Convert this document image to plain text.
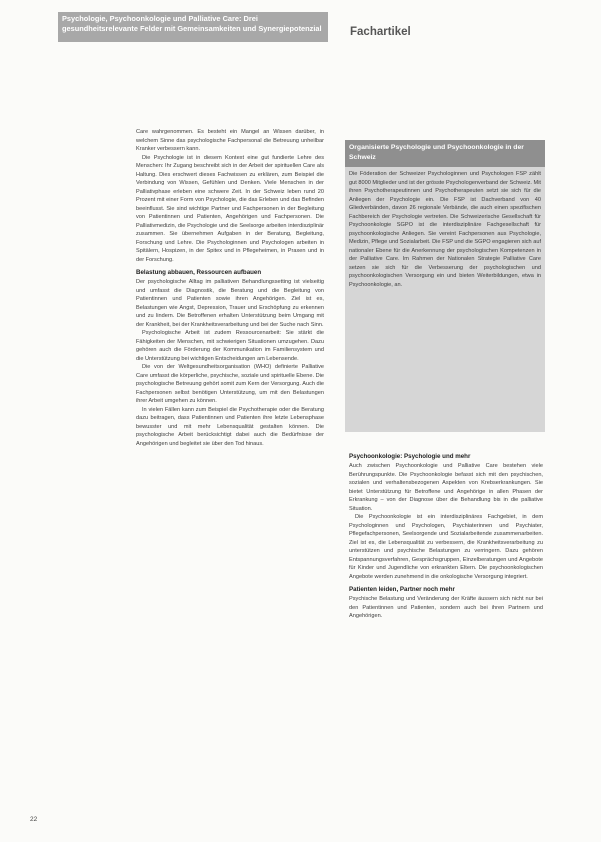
Psychologie, Psychoonkologie und Palliative Care: Drei gesundheitsrelevante Felder mit Gemeinsamkeiten und Synergiepotenzial Fachartikel

Care wahrgenommen. Es besteht ein Mangel an Wissen darüber, in welchem Sinne das psychologische Fachpersonal die Betreuung unheilbar Kranker verbessern kann.

Die Psychologie ist in diesem Kontext eine gut fundierte Lehre des Menschen: Ihr Zugang beschreibt sich in der Arbeit der spirituellen Care als Haltung. Dies erschwert dieses Fachwissen zu erklären, zum Beispiel die Verbindung von Wissen, Gefühlen und Denken. Viele Menschen in der Palliativphase erleben eine schwere Zeit. In der Schweiz leben rund 20 Prozent mit einer Form von Psychologie, die das Erleben und das Befinden beeinflusst. Sie sind wichtige Partner und Fachpersonen in der Begleitung von Patientinnen und Patienten, Angehörigen und Fachpersonen. Die Palliativmedizin, die Psychologie und die Seelsorge arbeiten interdisziplinär zusammen. Sie übernehmen Aufgaben in der Beratung, Begleitung, Forschung und Lehre. Die Psychologinnen und Psychologen arbeiten in Spitälern, Hospizen, in der Spitex und in Pflegeheimen, in Praxen und in der Forschung.

Belastung abbauen, Ressourcen aufbauen

Der psychologische Alltag im palliativen Behandlungssetting ist vielseitig und umfasst die Diagnostik, die Beratung und die Begleitung von Patientinnen und Patienten sowie ihren Angehörigen. Ziel ist es, Belastungen wie Angst, Depression, Trauer und Erschöpfung zu erkennen und zu lindern. Die Betroffenen erhalten Unterstützung beim Umgang mit der Krankheit, bei der Krankheitsverarbeitung und bei der Suche nach Sinn.

Psychologische Arbeit ist zudem Ressourcenarbeit: Sie stärkt die Fähigkeiten der Menschen, mit schwierigen Situationen umzugehen. Dazu gehören auch die Förderung der Kommunikation im Familiensystem und die Unterstützung bei wichtigen Entscheidungen am Lebensende.

Die von der Weltgesundheitsorganisation (WHO) definierte Palliative Care umfasst die körperliche, psychische, soziale und spirituelle Ebene. Die psychologische Betreuung gehört somit zum Kern der Versorgung. Auch die Fachpersonen selbst benötigen Unterstützung, um mit den Belastungen ihrer Arbeit umgehen zu können.

In vielen Fällen kann zum Beispiel die Psychotherapie oder die Beratung dazu beitragen, dass Patientinnen und Patienten ihre letzte Lebensphase bewusster und mit mehr Lebensqualität gestalten können. Die psychologische Arbeit berücksichtigt dabei auch die Bedürfnisse der Angehörigen und begleitet sie über den Tod hinaus.

Organisierte Psychologie und Psychoonkologie in der Schweiz

Die Föderation der Schweizer Psychologinnen und Psychologen FSP zählt gut 8000 Mitglieder und ist der grösste Psychologenverband der Schweiz. Mit ihren Psychotherapeutinnen und Psychotherapeuten setzt sie sich für die Anliegen der Psychologie ein. Die FSP ist Dachverband von 40 Gliedverbänden, davon 26 regionale Verbände, die auch einen spezifischen Fachbereich der Psychologie vertreten. Die Schweizerische Gesellschaft für Psychoonkologie SGPO ist die interdisziplinäre Fachgesellschaft für psychoonkologische Anliegen. Sie vereint Fachpersonen aus Psychologie, Medizin, Pflege und Sozialarbeit. Die FSP und die SGPO engagieren sich auf nationaler Ebene für die Anerkennung der psychologischen Kompetenzen in der Palliative Care. Im Rahmen der Nationalen Strategie Palliative Care setzen sie sich für die Verbesserung der psychologischen und psychoonkologischen Versorgung ein und bieten Weiterbildungen, etwa in Psychoonkologie, an.

Psychoonkologie: Psychologie und mehr

Auch zwischen Psychoonkologie und Palliative Care bestehen viele Berührungspunkte. Die Psychoonkologie befasst sich mit den psychischen, sozialen und verhaltensbezogenen Aspekten von Krebserkrankungen. Sie bietet Unterstützung für Betroffene und Angehörige in allen Phasen der Erkrankung – von der Diagnose über die Behandlung bis in die palliative Situation.

Die Psychoonkologie ist ein interdisziplinäres Fachgebiet, in dem Psychologinnen und Psychologen, Psychiaterinnen und Psychiater, Pflegefachpersonen, Seelsorgende und Sozialarbeitende zusammenarbeiten. Ziel ist es, die Lebensqualität zu verbessern, die Krankheitsverarbeitung zu unterstützen und psychische Belastungen zu verringern. Dazu gehören Entspannungsverfahren, Gesprächsgruppen, Einzelberatungen und Angebote für Kinder und Jugendliche von erkrankten Eltern. Die psychoonkologischen Angebote werden zunehmend in die onkologische Versorgung integriert.

Patienten leiden, Partner noch mehr

Psychische Belastung und Veränderung der Kräfte äussern sich nicht nur bei den Patientinnen und Patienten, sondern auch bei ihren Partnern und Angehörigen.

22
